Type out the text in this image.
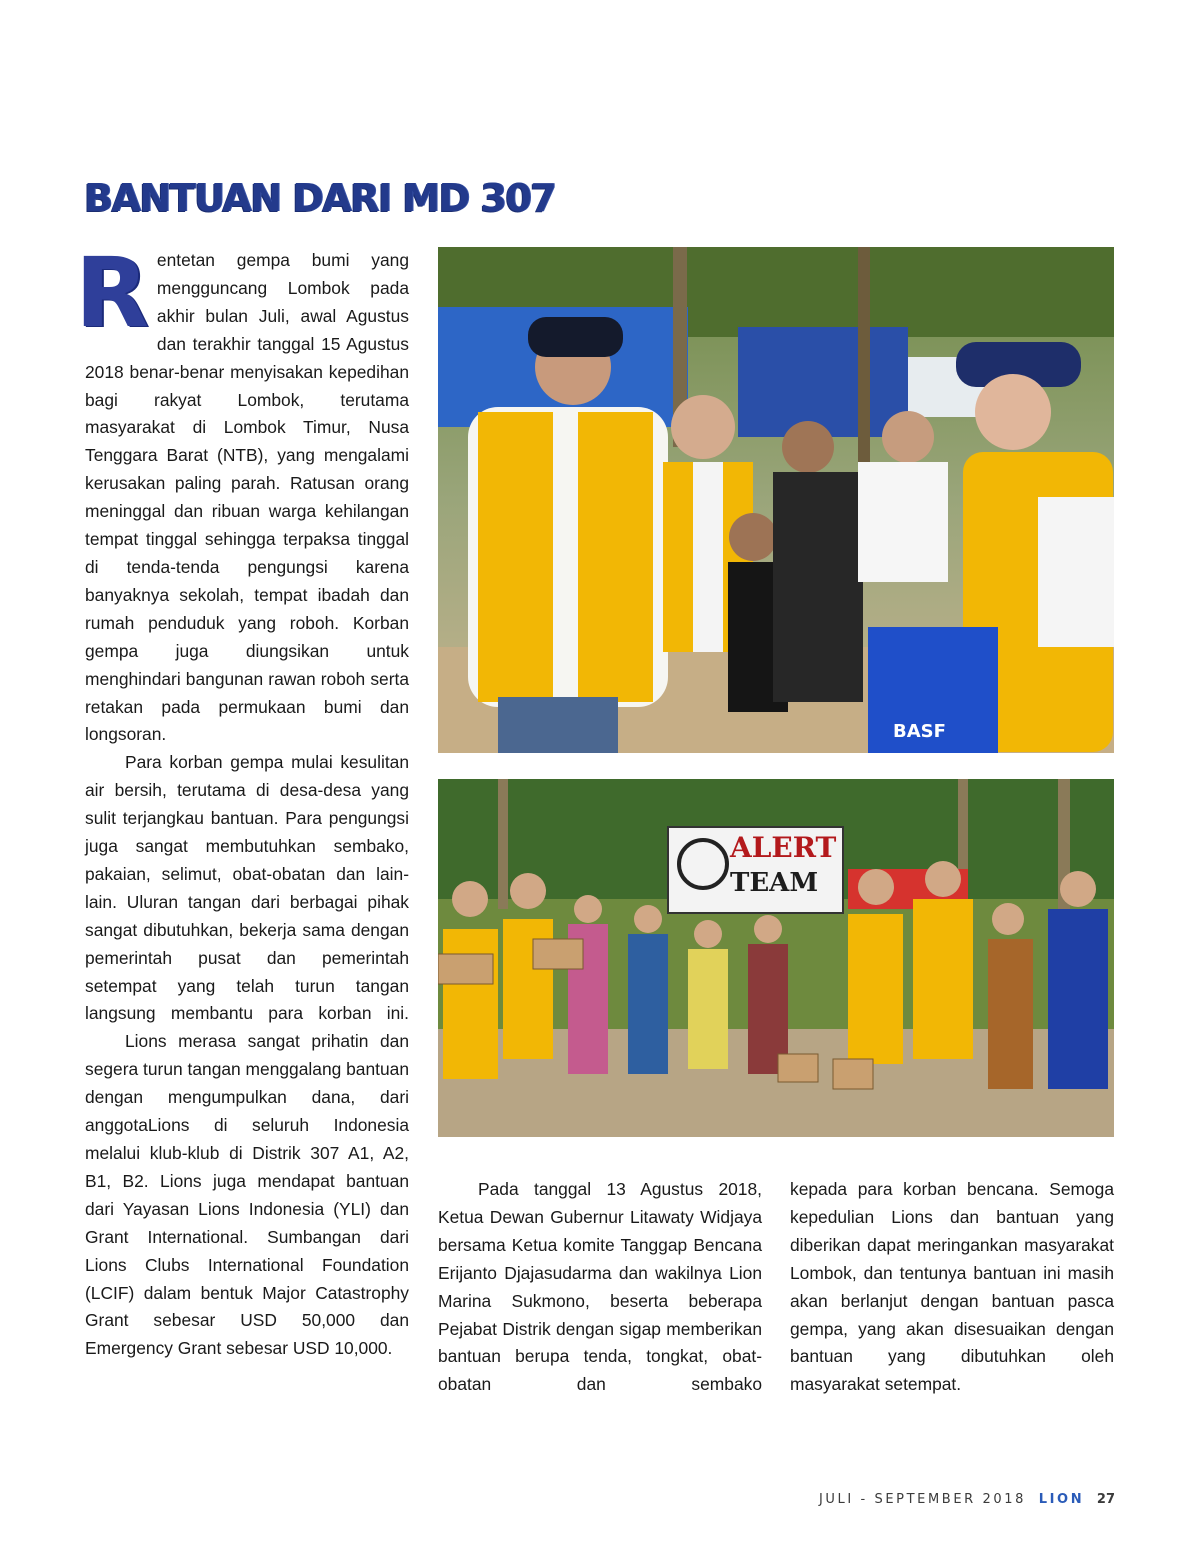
BANTUAN DARI MD 307

Rentetan gempa bumi yang mengguncang Lombok pada akhir bulan Juli, awal Agustus dan terakhir tanggal 15 Agustus 2018 benar-benar menyisakan kepedihan bagi rakyat Lombok, terutama masyarakat di Lombok Timur, Nusa Tenggara Barat (NTB), yang mengalami kerusakan paling parah. Ratusan orang meninggal dan ribuan warga kehilangan tempat tinggal sehingga terpaksa tinggal di tenda-tenda pengungsi karena banyaknya sekolah, tempat ibadah dan rumah penduduk yang roboh. Korban gempa juga diungsikan untuk menghindari bangunan rawan roboh serta retakan pada permukaan bumi dan longsoran.

Para korban gempa mulai kesulitan air bersih, terutama di desa-desa yang sulit terjangkau bantuan. Para pengungsi juga sangat membutuhkan sembako, pakaian, selimut, obat-obatan dan lain-lain. Uluran tangan dari berbagai pihak sangat dibutuhkan, bekerja sama dengan pemerintah pusat dan pemerintah setempat yang telah turun tangan langsung membantu para korban ini.

Lions merasa sangat prihatin dan segera turun tangan menggalang bantuan dengan mengumpulkan dana, dari anggotaLions di seluruh Indonesia melalui klub-klub di Distrik 307 A1, A2, B1, B2. Lions juga mendapat bantuan dari Yayasan Lions Indonesia (YLI) dan Grant International. Sumbangan dari Lions Clubs International Foundation (LCIF) dalam bentuk Major Catastrophy Grant sebesar USD 50,000 dan Emergency Grant sebesar USD 10,000.

BASF
ALERT
TEAM

Pada tanggal 13 Agustus 2018, Ketua Dewan Gubernur Litawaty Widjaya bersama Ketua komite Tanggap Bencana Erijanto Djajasudarma dan wakilnya Lion Marina Sukmono, beserta beberapa Pejabat Distrik dengan sigap memberikan bantuan berupa tenda, tongkat, obat-obatan dan sembako

kepada para korban bencana. Semoga kepedulian Lions dan bantuan yang diberikan dapat meringankan masyarakat Lombok, dan tentunya bantuan ini masih akan berlanjut dengan bantuan pasca gempa, yang akan disesuaikan dengan bantuan yang dibutuhkan oleh masyarakat setempat.

JULI - SEPTEMBER 2018 LION 27
